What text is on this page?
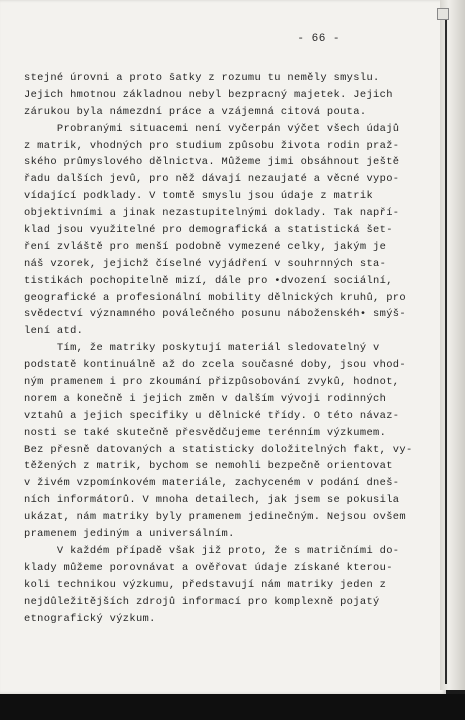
- 66 -
stejné úrovni a proto s̄atky z rozumu tu neměly smyslu.
Jejich hmotnou základnou nebyl bezpracný majetek. Jejich
zárukou byla námezdní práce a vzájemná citová pouta.
Probranými situacemi není vyčerpán výčet všech údajů
z matrik, vhodných pro studium způsobu života rodin praž-
ského průmyslového dělnictva. Můžeme jimi obsáhnout ještě
řadu dalších jevů, pro něž dávají nezaujaté a věcné vypo-
vídající podklady. V tomtě smyslu jsou údaje z matrik
objektivními a jinak nezastupitelnými doklady. Tak napří-
klad jsou využitelné pro demografická a statistická šet-
ření zvláště pro menší podobně vymezené celky, jakým je
náš vzorek, jejichž číselné vyjádření v souhrnných sta-
tistikách pochopitelně mizí, dále pro •dvození sociální,
geografické a profesionální mobility dělnických kruhů, pro
svědectví významného poválečného posunu náboženskéh• smýš-
lení atd.
Tím, že matriky poskytují materiál sledovatelný v
podstatě kontinuálně až do zcela současné doby, jsou vhod-
ným pramenem i pro zkoumání přizpůsobování zvyků, hodnot,
norem a konečně i jejich změn v dalším vývoji rodinných
vztahů a jejich specifiky u dělnické třídy. O této návaz-
nosti se také skutečně přesvědčujeme terénním výzkumem.
Bez přesně datovaných a statisticky doložitelných fakt, vy-
těžených z matrik, bychom se nemohli bezpečně orientovat
v živém vzpomínkovém materiále, zachyceném v podání dneš-
ních informátorů. V mnoha detailech, jak jsem se pokusila
ukázat, nám matriky byly pramenem jedinečným. Nejsou ovšem
pramenem jediným a universálním.
V každém případě však již proto, že s matričními do-
klady můžeme porovnávat a ověřovat údaje získané kterou-
koli technikou výzkumu, představují nám matriky jeden z
nejdůležitějších zdrojů informací pro komplexně pojatý
etnografický výzkum.
